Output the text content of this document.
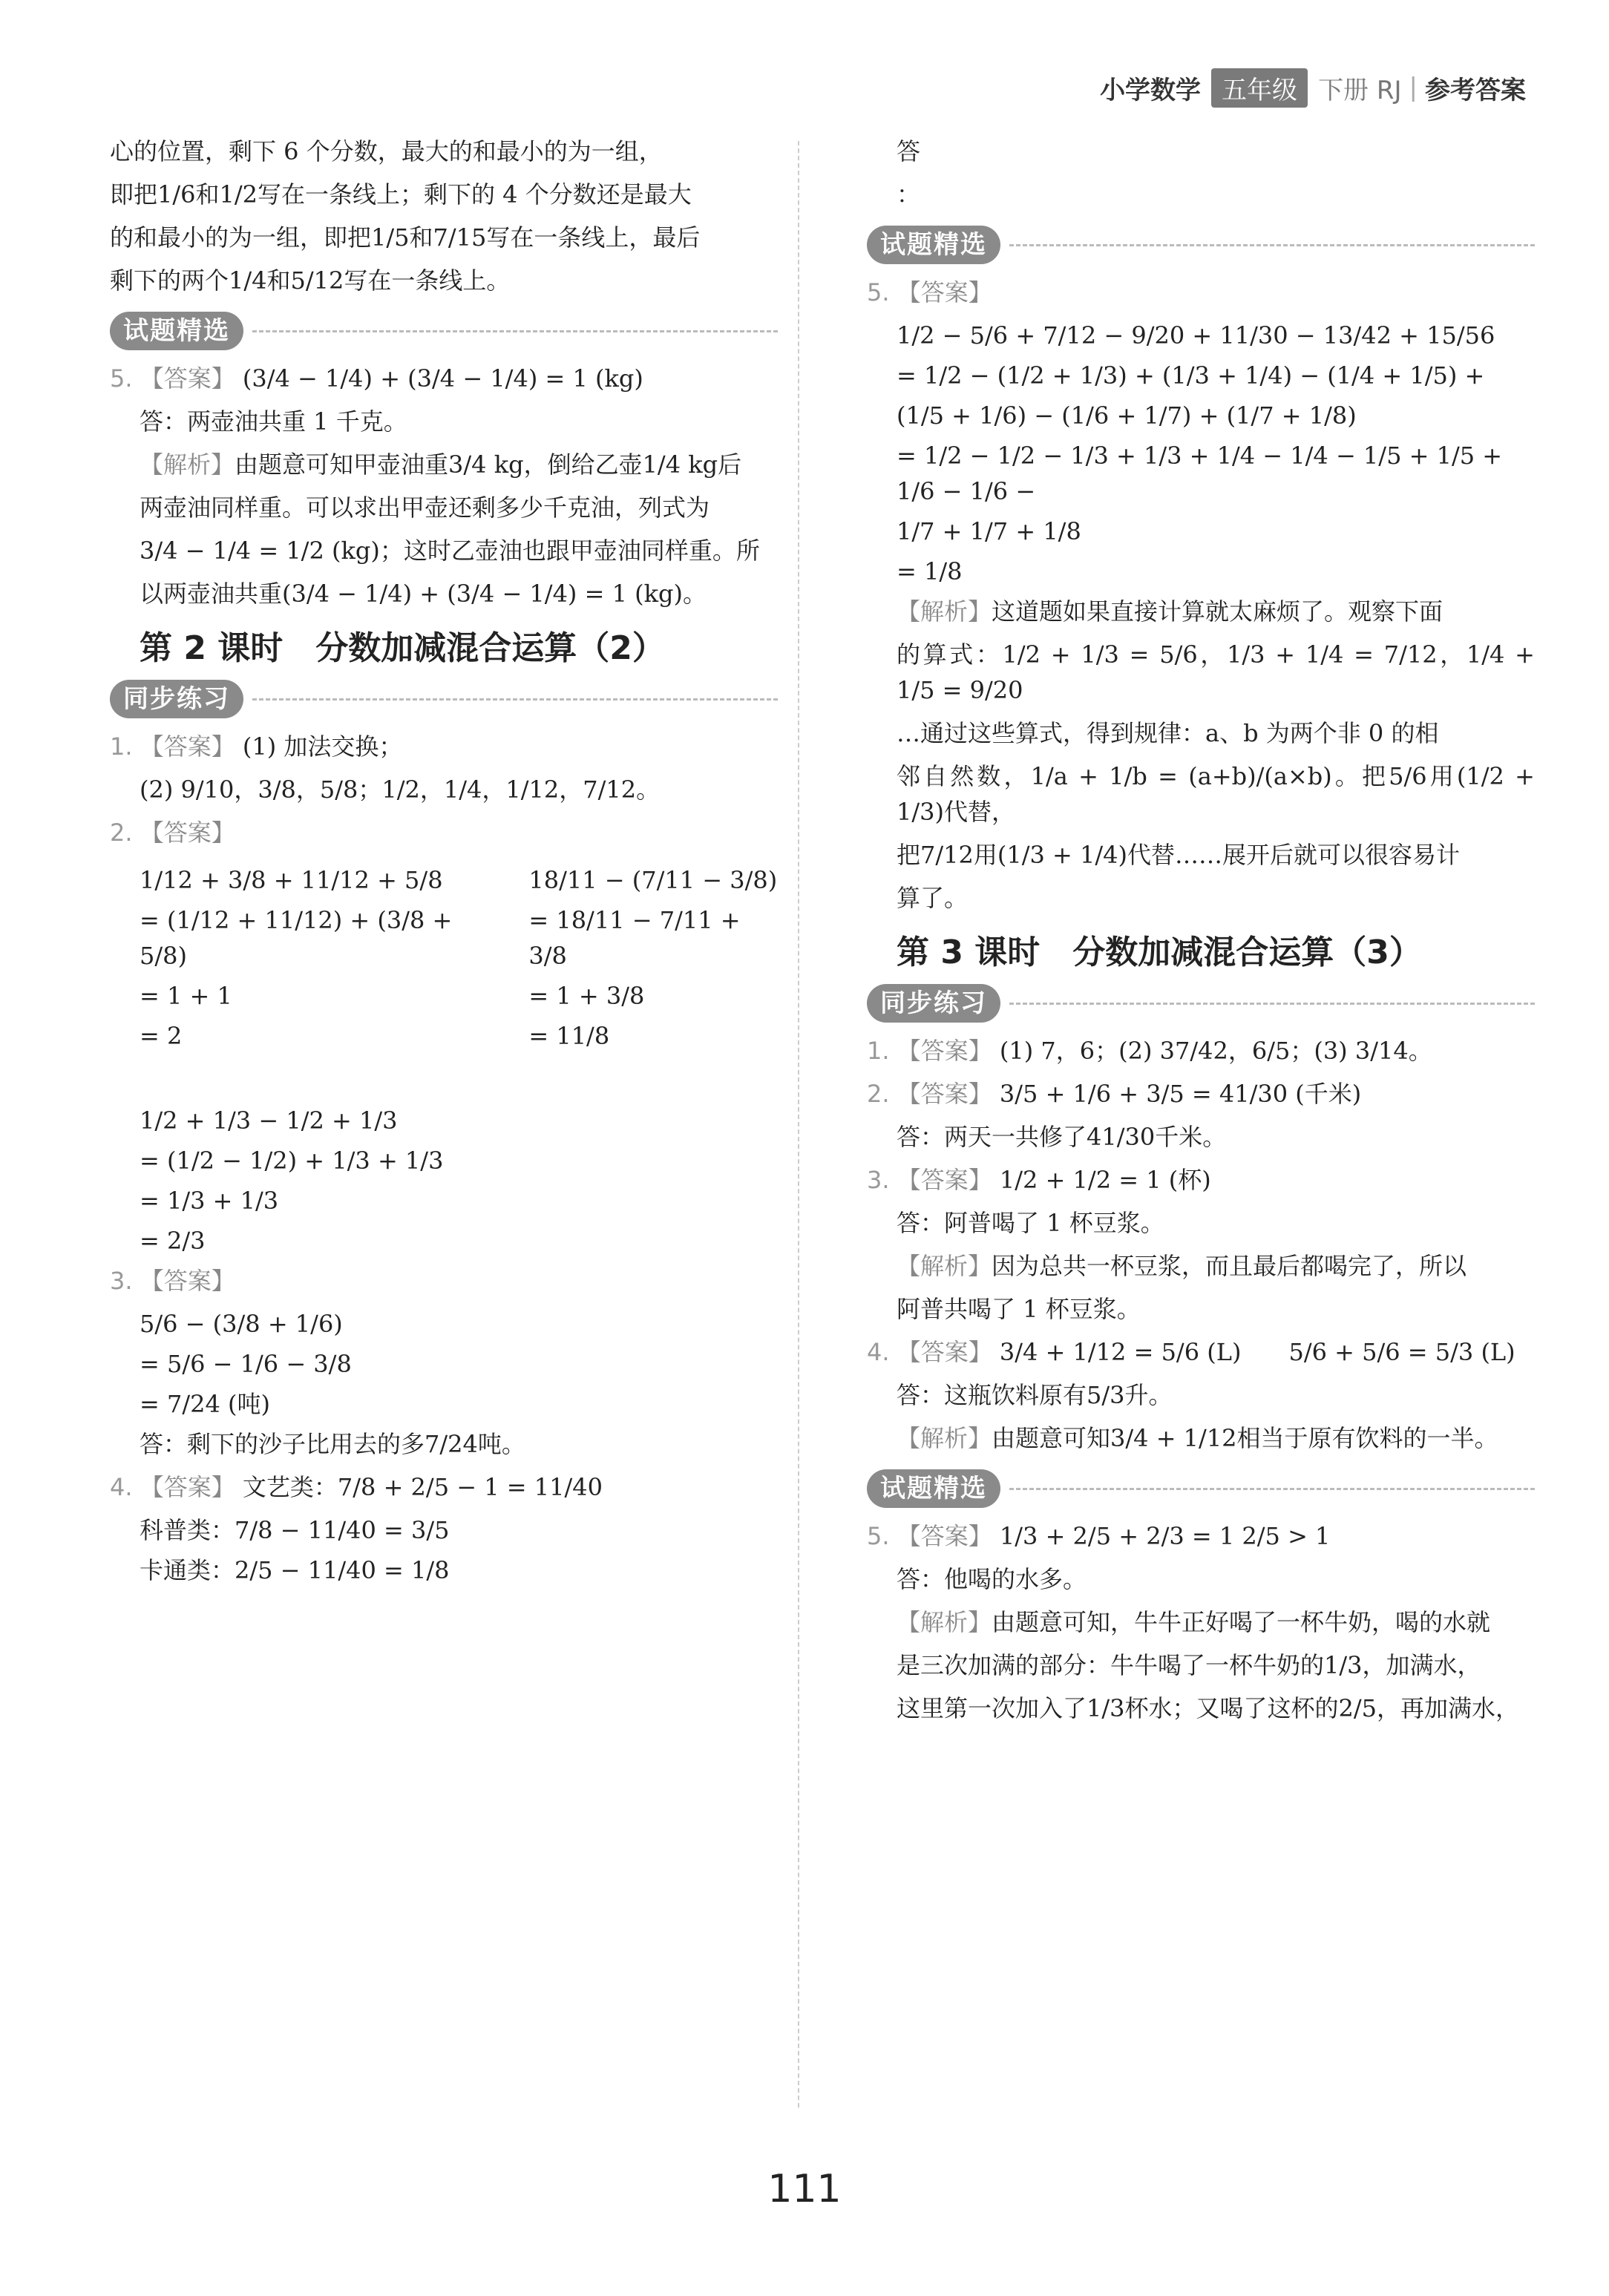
小学数学 五年级 下册 RJ | 参考答案

心的位置，剩下 6 个分数，最大的和最小的为一组，

即把1/6和1/2写在一条线上；剩下的 4 个分数还是最大

的和最小的为一组，即把1/5和7/15写在一条线上，最后

剩下的两个1/4和5/12写在一条线上。

试题精选

5. 【答案】 (3/4 − 1/4) + (3/4 − 1/4) = 1 (kg)

答：两壶油共重 1 千克。

【解析】由题意可知甲壶油重3/4 kg，倒给乙壶1/4 kg后

两壶油同样重。可以求出甲壶还剩多少千克油，列式为

3/4 − 1/4 = 1/2 (kg)；这时乙壶油也跟甲壶油同样重。所

以两壶油共重(3/4 − 1/4) + (3/4 − 1/4) = 1 (kg)。

第 2 课时　分数加减混合运算（2）
同步练习

1. 【答案】 (1) 加法交换；

(2) 9/10，3/8，5/8；1/2，1/4，1/12，7/12。

2. 【答案】

1/12 + 3/8 + 11/12 + 5/8
= (1/12 + 11/12) + (3/8 + 5/8)
= 1 + 1
= 2
18/11 − (7/11 − 3/8)
= 18/11 − 7/11 + 3/8
= 1 + 3/8
= 11/8
1/2 + 1/3 − 1/2 + 1/3
= (1/2 − 1/2) + 1/3 + 1/3
= 1/3 + 1/3
= 2/3

3. 【答案】

5/6 − (3/8 + 1/6)
= 5/6 − 1/6 − 3/8
= 7/24 (吨)

答：剩下的沙子比用去的多7/24吨。

4. 【答案】 文艺类：7/8 + 2/5 − 1 = 11/40

科普类：7/8 − 11/40 = 3/5
卡通类：2/5 − 11/40 = 1/8

答

：

试题精选

5. 【答案】

1/2 − 5/6 + 7/12 − 9/20 + 11/30 − 13/42 + 15/56
= 1/2 − (1/2 + 1/3) + (1/3 + 1/4) − (1/4 + 1/5) +
(1/5 + 1/6) − (1/6 + 1/7) + (1/7 + 1/8)
= 1/2 − 1/2 − 1/3 + 1/3 + 1/4 − 1/4 − 1/5 + 1/5 + 1/6 − 1/6 −
1/7 + 1/7 + 1/8
= 1/8

【解析】这道题如果直接计算就太麻烦了。观察下面

的算式：1/2 + 1/3 = 5/6，1/3 + 1/4 = 7/12，1/4 + 1/5 = 9/20

…通过这些算式，得到规律：a、b 为两个非 0 的相

邻自然数，1/a + 1/b = (a+b)/(a×b)。把5/6用(1/2 + 1/3)代替，

把7/12用(1/3 + 1/4)代替……展开后就可以很容易计

算了。

第 3 课时　分数加减混合运算（3）
同步练习

1. 【答案】 (1) 7，6；(2) 37/42，6/5；(3) 3/14。

2. 【答案】 3/5 + 1/6 + 3/5 = 41/30 (千米)

答：两天一共修了41/30千米。

3. 【答案】 1/2 + 1/2 = 1 (杯)

答：阿普喝了 1 杯豆浆。

【解析】因为总共一杯豆浆，而且最后都喝完了，所以

阿普共喝了 1 杯豆浆。

4. 【答案】 3/4 + 1/12 = 5/6 (L)　　5/6 + 5/6 = 5/3 (L)

答：这瓶饮料原有5/3升。

【解析】由题意可知3/4 + 1/12相当于原有饮料的一半。

试题精选

5. 【答案】 1/3 + 2/5 + 2/3 = 1 2/5 > 1

答：他喝的水多。

【解析】由题意可知，牛牛正好喝了一杯牛奶，喝的水就

是三次加满的部分：牛牛喝了一杯牛奶的1/3，加满水，

这里第一次加入了1/3杯水；又喝了这杯的2/5，再加满水，

111
